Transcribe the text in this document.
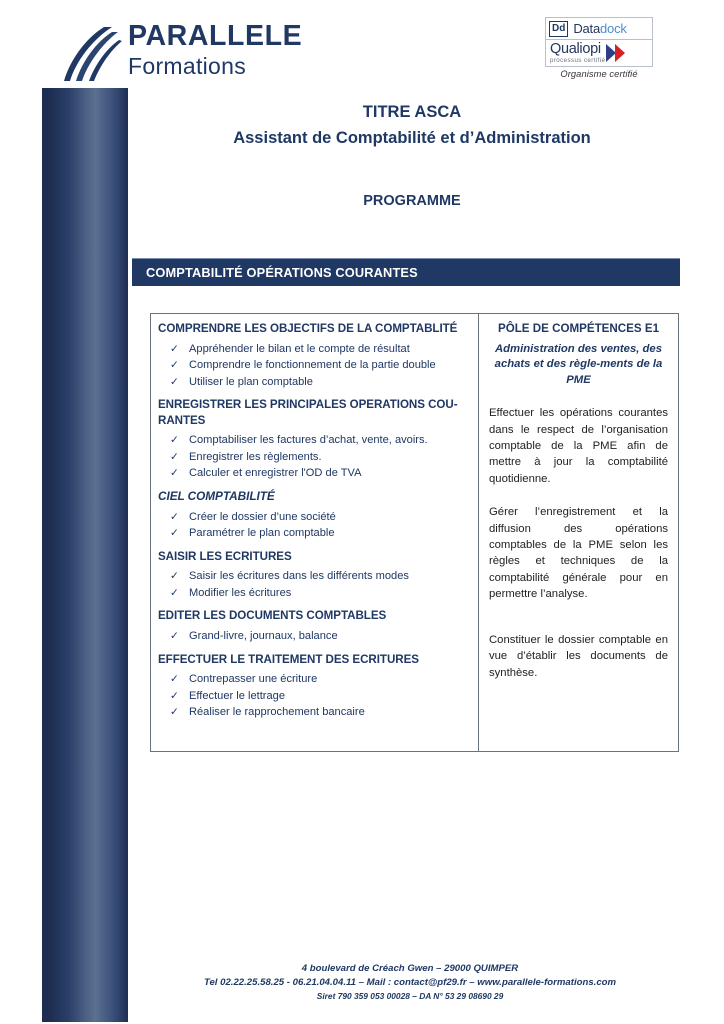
PARALLELE
Formations
Dd Data dock
Qualiopi
processus certifié
Organisme certifié
TITRE ASCA
Assistant de Comptabilité et d’Administration
PROGRAMME
COMPTABILITÉ OPÉRATIONS COURANTES
COMPRENDRE LES OBJECTIFS DE LA COMPTABLITÉ
✓ Appréhender le bilan et le compte de résultat
✓ Comprendre le fonctionnement de la partie double
✓ Utiliser le plan comptable
ENREGISTRER LES PRINCIPALES OPERATIONS COU-RANTES
✓ Comptabiliser les factures d’achat, vente, avoirs.
✓ Enregistrer les règlements.
✓ Calculer et enregistrer l'OD de TVA
CIEL COMPTABILITÉ
✓ Créer le dossier d’une société
✓ Paramétrer le plan comptable
SAISIR LES ECRITURES
✓ Saisir les écritures dans les différents modes
✓ Modifier les écritures
EDITER LES DOCUMENTS COMPTABLES
✓ Grand-livre, journaux, balance
EFFECTUER LE TRAITEMENT DES ECRITURES
✓ Contrepasser une écriture
✓ Effectuer le lettrage
✓ Réaliser le rapprochement bancaire
PÔLE DE COMPÉTENCES E1
Administration des ventes, des achats et des règle-ments de la PME
Effectuer les opérations courantes dans le respect de l’organisation comptable de la PME afin de mettre à jour la comptabilité quotidienne.
Gérer l’enregistrement et la diffusion des opérations comptables de la PME selon les règles et techniques de la comptabilité générale pour en permettre l’analyse.
Constituer le dossier comptable en vue d’établir les documents de synthèse.
4 boulevard de Créach Gwen – 29000 QUIMPER
Tel 02.22.25.58.25 - 06.21.04.04.11 – Mail : contact@pf29.fr – www.parallele-formations.com
Siret 790 359 053 00028 – DA N° 53 29 08690 29
